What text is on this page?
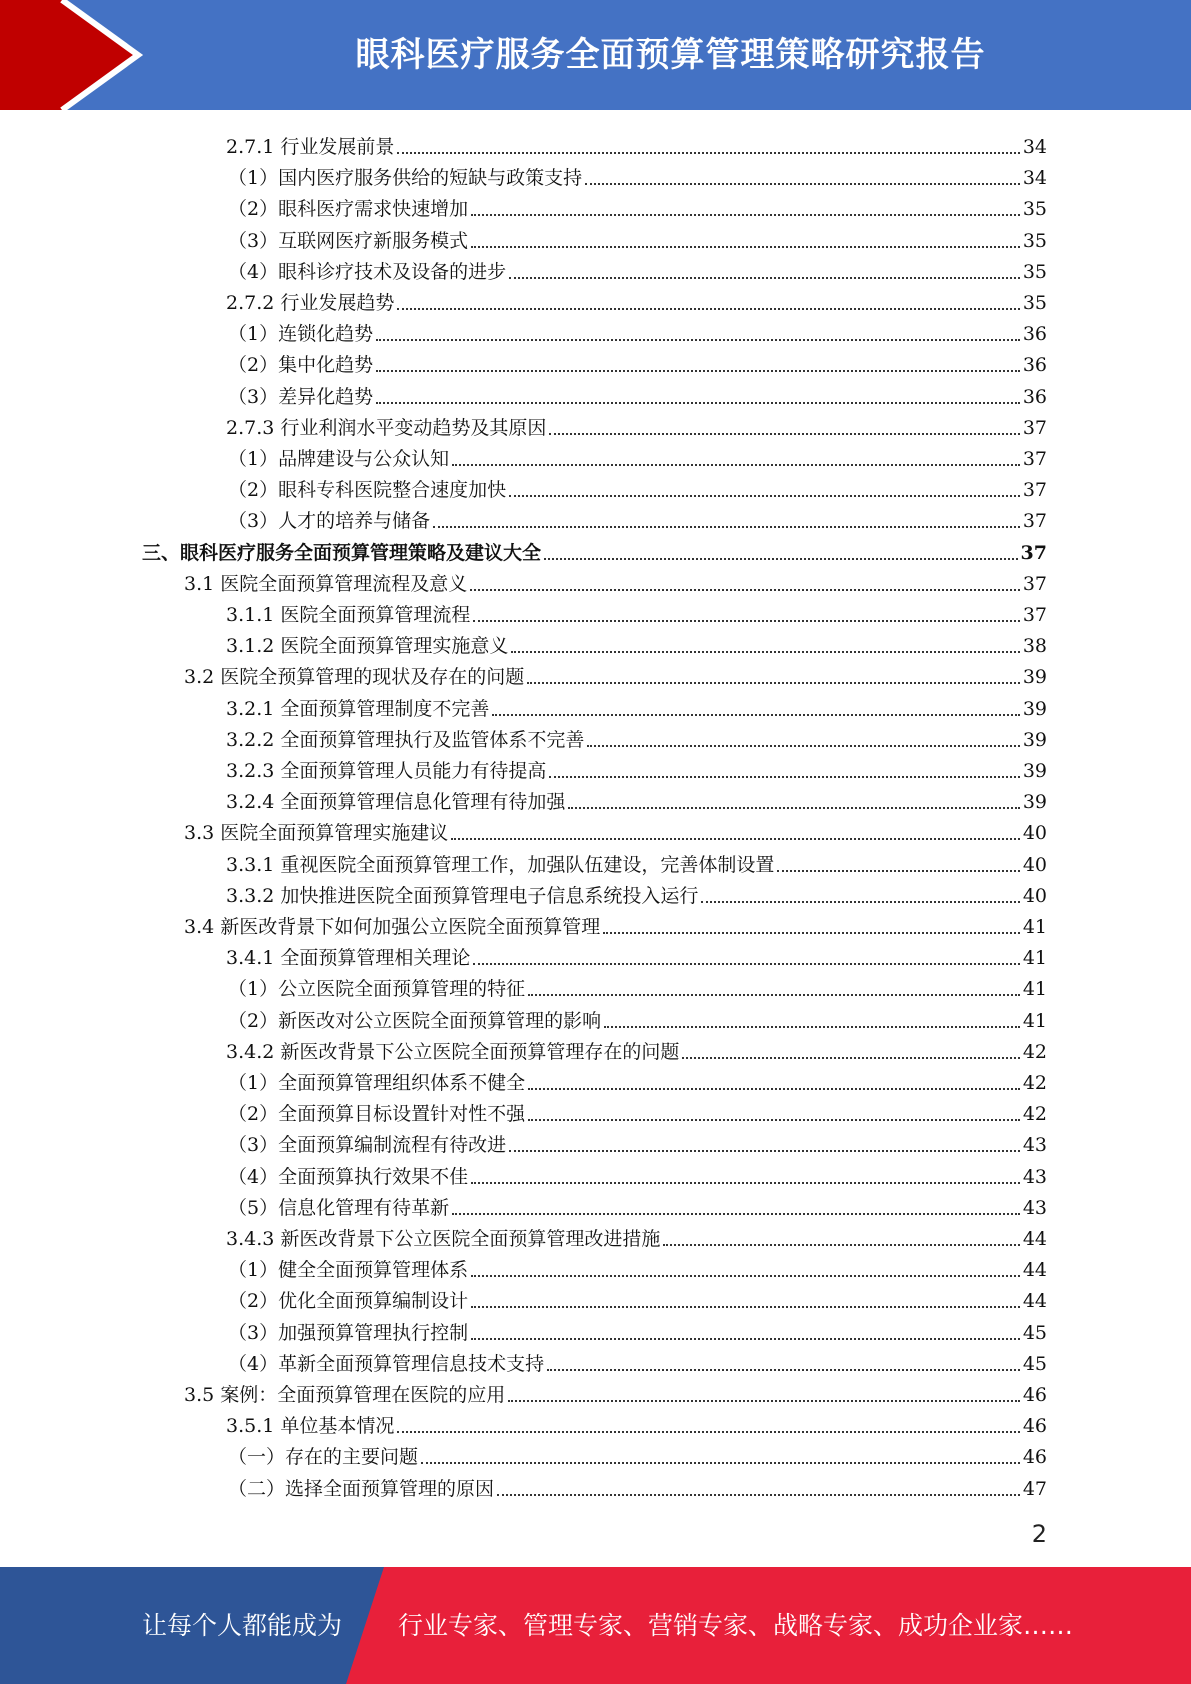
眼科医疗服务全面预算管理策略研究报告
2.7.1 行业发展前景	34
（1）国内医疗服务供给的短缺与政策支持	34
（2）眼科医疗需求快速增加	35
（3）互联网医疗新服务模式	35
（4）眼科诊疗技术及设备的进步	35
2.7.2 行业发展趋势	35
（1）连锁化趋势	36
（2）集中化趋势	36
（3）差异化趋势	36
2.7.3 行业利润水平变动趋势及其原因	37
（1）品牌建设与公众认知	37
（2）眼科专科医院整合速度加快	37
（3）人才的培养与储备	37
三、眼科医疗服务全面预算管理策略及建议大全	37
3.1 医院全面预算管理流程及意义	37
3.1.1 医院全面预算管理流程	37
3.1.2 医院全面预算管理实施意义	38
3.2 医院全预算管理的现状及存在的问题	39
3.2.1 全面预算管理制度不完善	39
3.2.2 全面预算管理执行及监管体系不完善	39
3.2.3 全面预算管理人员能力有待提高	39
3.2.4 全面预算管理信息化管理有待加强	39
3.3 医院全面预算管理实施建议	40
3.3.1 重视医院全面预算管理工作，加强队伍建设，完善体制设置	40
3.3.2 加快推进医院全面预算管理电子信息系统投入运行	40
3.4 新医改背景下如何加强公立医院全面预算管理	41
3.4.1 全面预算管理相关理论	41
（1）公立医院全面预算管理的特征	41
（2）新医改对公立医院全面预算管理的影响	41
3.4.2 新医改背景下公立医院全面预算管理存在的问题	42
（1）全面预算管理组织体系不健全	42
（2）全面预算目标设置针对性不强	42
（3）全面预算编制流程有待改进	43
（4）全面预算执行效果不佳	43
（5）信息化管理有待革新	43
3.4.3 新医改背景下公立医院全面预算管理改进措施	44
（1）健全全面预算管理体系	44
（2）优化全面预算编制设计	44
（3）加强预算管理执行控制	45
（4）革新全面预算管理信息技术支持	45
3.5 案例：全面预算管理在医院的应用	46
3.5.1 单位基本情况	46
（一）存在的主要问题	46
（二）选择全面预算管理的原因	47
2
让每个人都能成为 行业专家、管理专家、营销专家、战略专家、成功企业家……
